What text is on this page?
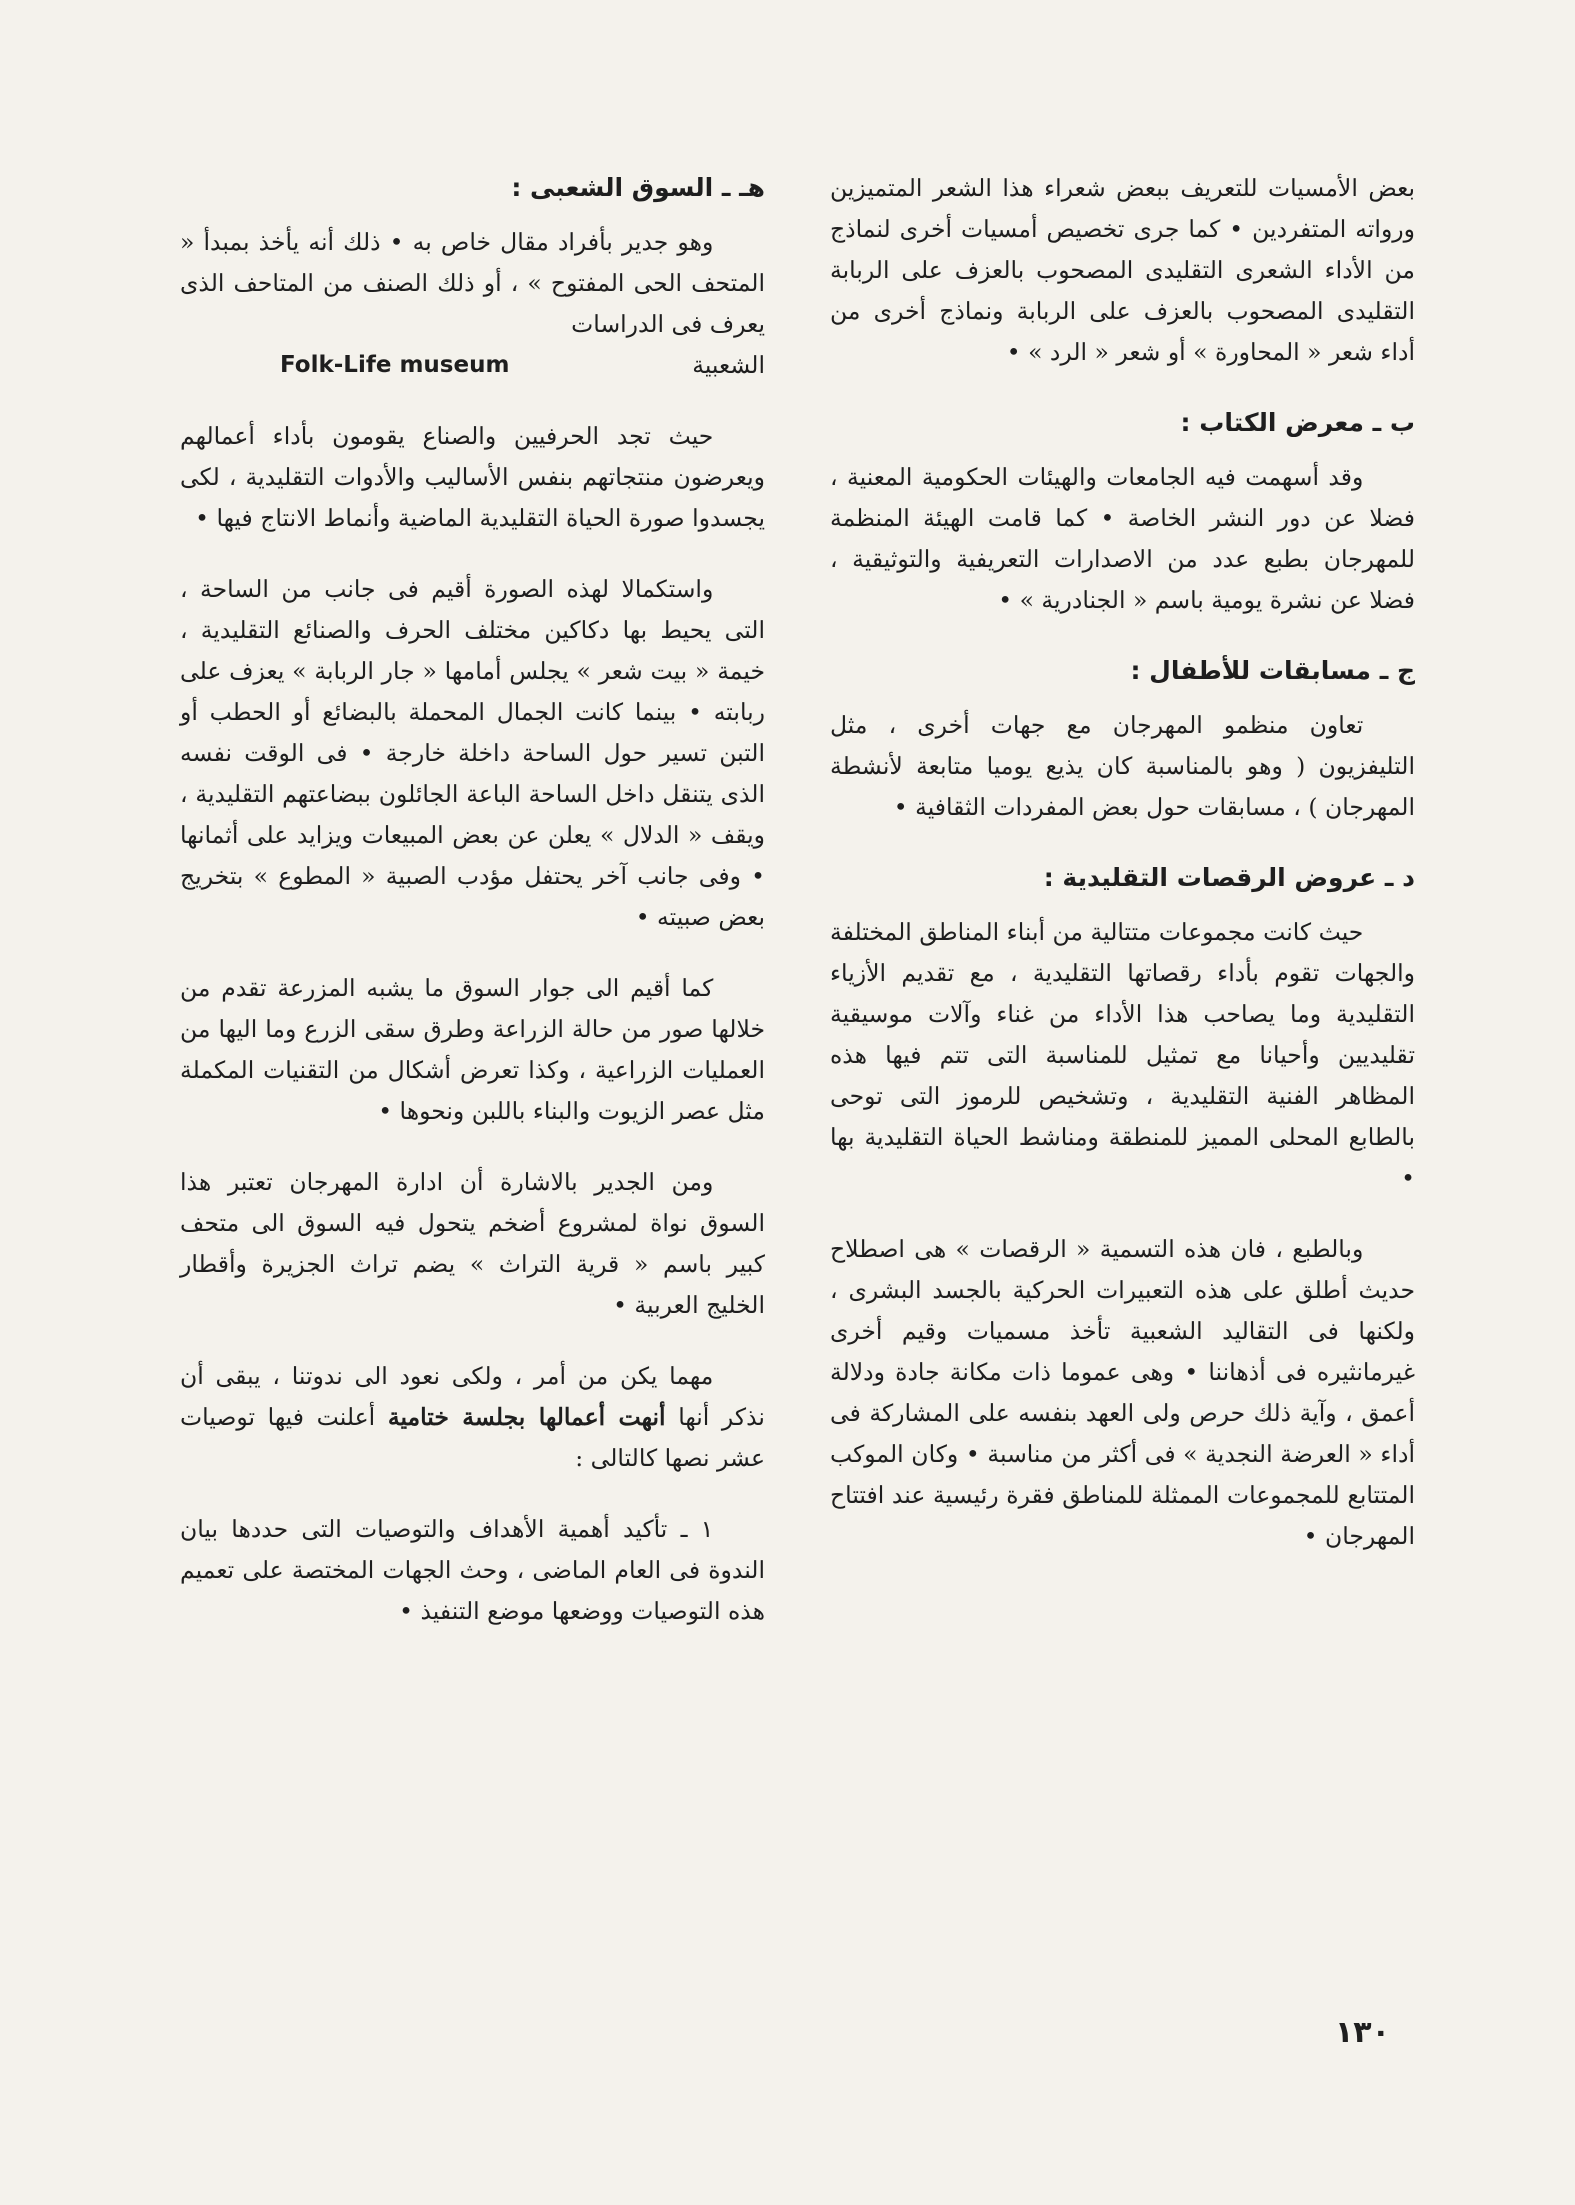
بعض الأمسيات للتعريف ببعض شعراء هذا الشعر المتميزين ورواته المتفردين • كما جرى تخصيص أمسيات أخرى لنماذج من الأداء الشعرى التقليدى المصحوب بالعزف على الربابة التقليدى المصحوب بالعزف على الربابة ونماذج أخرى من أداء شعر « المحاورة » أو شعر « الرد » •

ب ـ معرض الكتاب :

وقد أسهمت فيه الجامعات والهيئات الحكومية المعنية ، فضلا عن دور النشر الخاصة • كما قامت الهيئة المنظمة للمهرجان بطبع عدد من الاصدارات التعريفية والتوثيقية ، فضلا عن نشرة يومية باسم « الجنادرية » •

ج ـ مسابقات للأطفال :

تعاون منظمو المهرجان مع جهات أخرى ، مثل التليفزيون ( وهو بالمناسبة كان يذيع يوميا متابعة لأنشطة المهرجان ) ، مسابقات حول بعض المفردات الثقافية •

د ـ عروض الرقصات التقليدية :

حيث كانت مجموعات متتالية من أبناء المناطق المختلفة والجهات تقوم بأداء رقصاتها التقليدية ، مع تقديم الأزياء التقليدية وما يصاحب هذا الأداء من غناء وآلات موسيقية تقليديين وأحيانا مع تمثيل للمناسبة التى تتم فيها هذه المظاهر الفنية التقليدية ، وتشخيص للرموز التى توحى بالطابع المحلى المميز للمنطقة ومناشط الحياة التقليدية بها •

وبالطبع ، فان هذه التسمية « الرقصات » هى اصطلاح حديث أطلق على هذه التعبيرات الحركية بالجسد البشرى ، ولكنها فى التقاليد الشعبية تأخذ مسميات وقيم أخرى غيرمانثيره فى أذهاننا • وهى عموما ذات مكانة جادة ودلالة أعمق ، وآية ذلك حرص ولى العهد بنفسه على المشاركة فى أداء « العرضة النجدية » فى أكثر من مناسبة • وكان الموكب المتتابع للمجموعات الممثلة للمناطق فقرة رئيسية عند افتتاح المهرجان •

هـ ـ السوق الشعبى :

وهو جدير بأفراد مقال خاص به • ذلك أنه يأخذ بمبدأ « المتحف الحى المفتوح » ، أو ذلك الصنف من المتاحف الذى يعرف فى الدراسات

الشعبية
Folk-Life museum

حيث تجد الحرفيين والصناع يقومون بأداء أعمالهم ويعرضون منتجاتهم بنفس الأساليب والأدوات التقليدية ، لكى يجسدوا صورة الحياة التقليدية الماضية وأنماط الانتاج فيها •

واستكمالا لهذه الصورة أقيم فى جانب من الساحة ، التى يحيط بها دكاكين مختلف الحرف والصنائع التقليدية ، خيمة « بيت شعر » يجلس أمامها « جار الربابة » يعزف على ربابته • بينما كانت الجمال المحملة بالبضائع أو الحطب أو التبن تسير حول الساحة داخلة خارجة • فى الوقت نفسه الذى يتنقل داخل الساحة الباعة الجائلون ببضاعتهم التقليدية ، ويقف « الدلال » يعلن عن بعض المبيعات ويزايد على أثمانها • وفى جانب آخر يحتفل مؤدب الصبية « المطوع » بتخريج بعض صبيته •

كما أقيم الى جوار السوق ما يشبه المزرعة تقدم من خلالها صور من حالة الزراعة وطرق سقى الزرع وما اليها من العمليات الزراعية ، وكذا تعرض أشكال من التقنيات المكملة مثل عصر الزيوت والبناء باللبن ونحوها •

ومن الجدير بالاشارة أن ادارة المهرجان تعتبر هذا السوق نواة لمشروع أضخم يتحول فيه السوق الى متحف كبير باسم « قرية التراث » يضم تراث الجزيرة وأقطار الخليج العربية •

مهما يكن من أمر ، ولكى نعود الى ندوتنا ، يبقى أن نذكر أنها أنهت أعمالها بجلسة ختامية أعلنت فيها توصيات عشر نصها كالتالى :

١ ـ تأكيد أهمية الأهداف والتوصيات التى حددها بيان الندوة فى العام الماضى ، وحث الجهات المختصة على تعميم هذه التوصيات ووضعها موضع التنفيذ •

١٣٠
